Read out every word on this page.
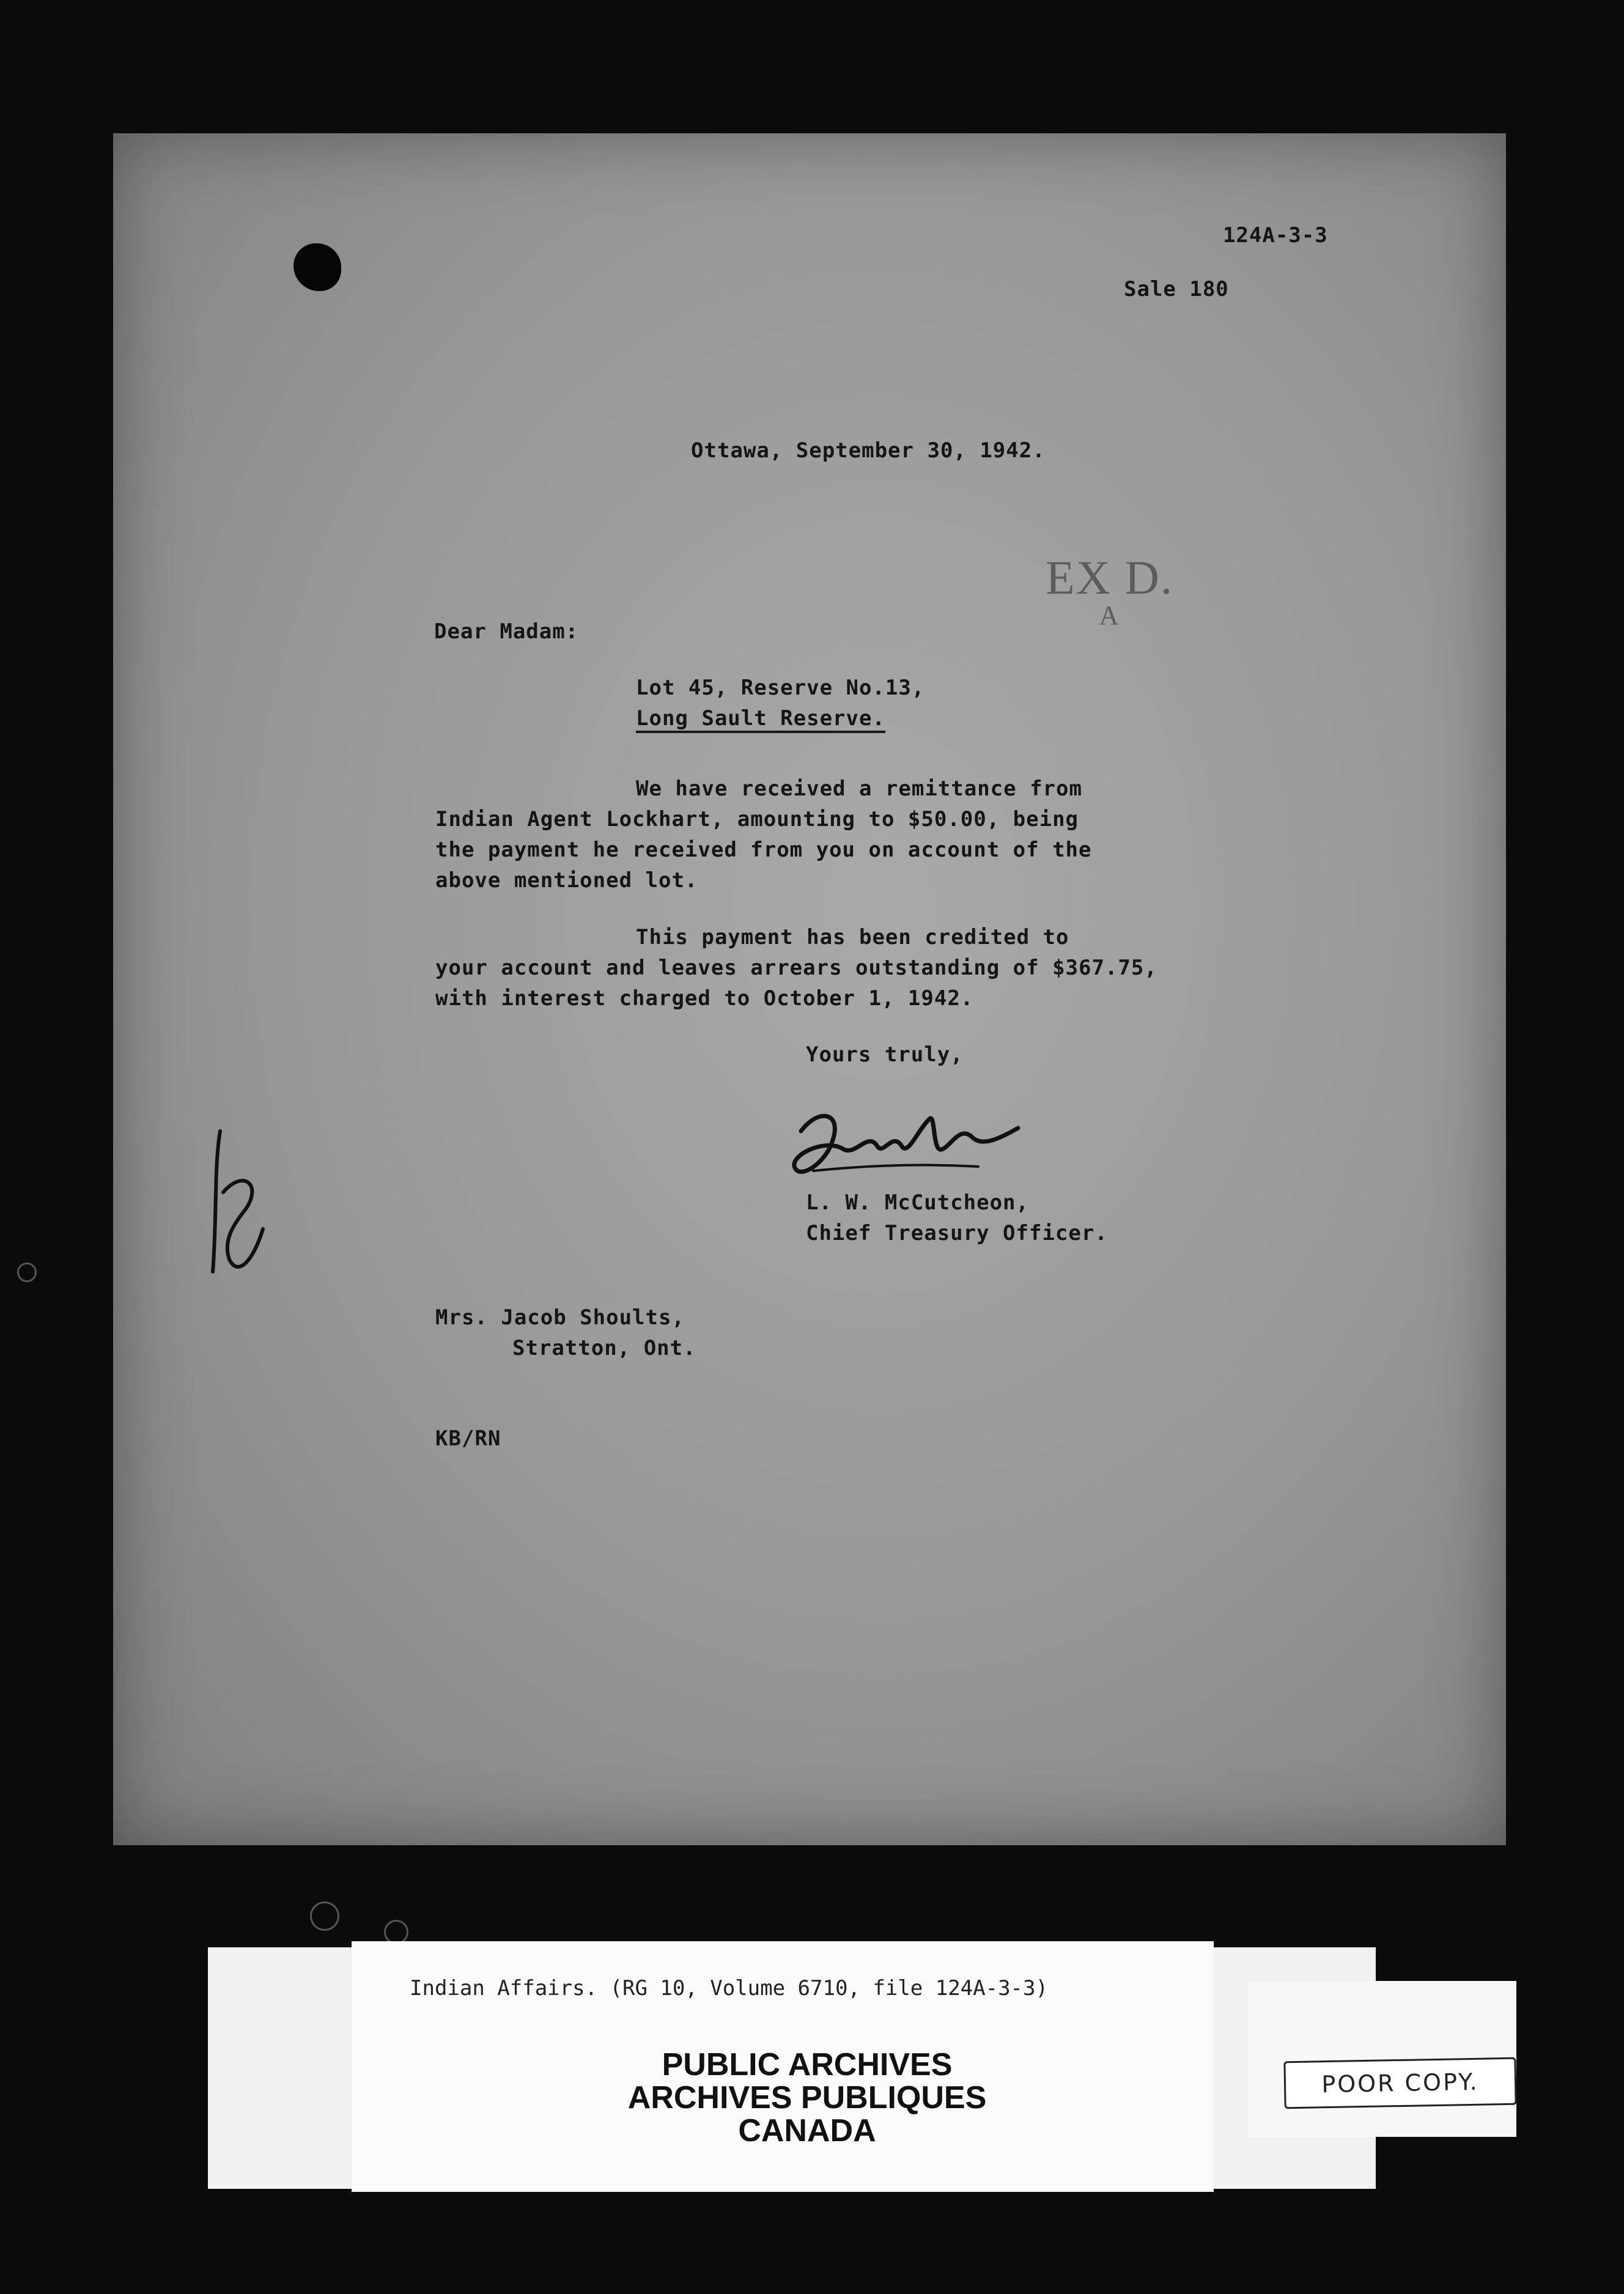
124A-3-3
Sale 180
Ottawa, September 30, 1942.
EX D.
A
Dear Madam:
Lot 45, Reserve No.13,
Long Sault Reserve.
We have received a remittance from
Indian Agent Lockhart, amounting to $50.00, being
the payment he received from you on account of the
above mentioned lot.
This payment has been credited to
your account and leaves arrears outstanding of $367.75,
with interest charged to October 1, 1942.
Yours truly,
L. W. McCutcheon,
Chief Treasury Officer.
Mrs. Jacob Shoults,
Stratton, Ont.
KB/RN
Indian Affairs. (RG 10, Volume 6710, file 124A-3-3)
PUBLIC ARCHIVES
ARCHIVES PUBLIQUES
CANADA
POOR COPY.
